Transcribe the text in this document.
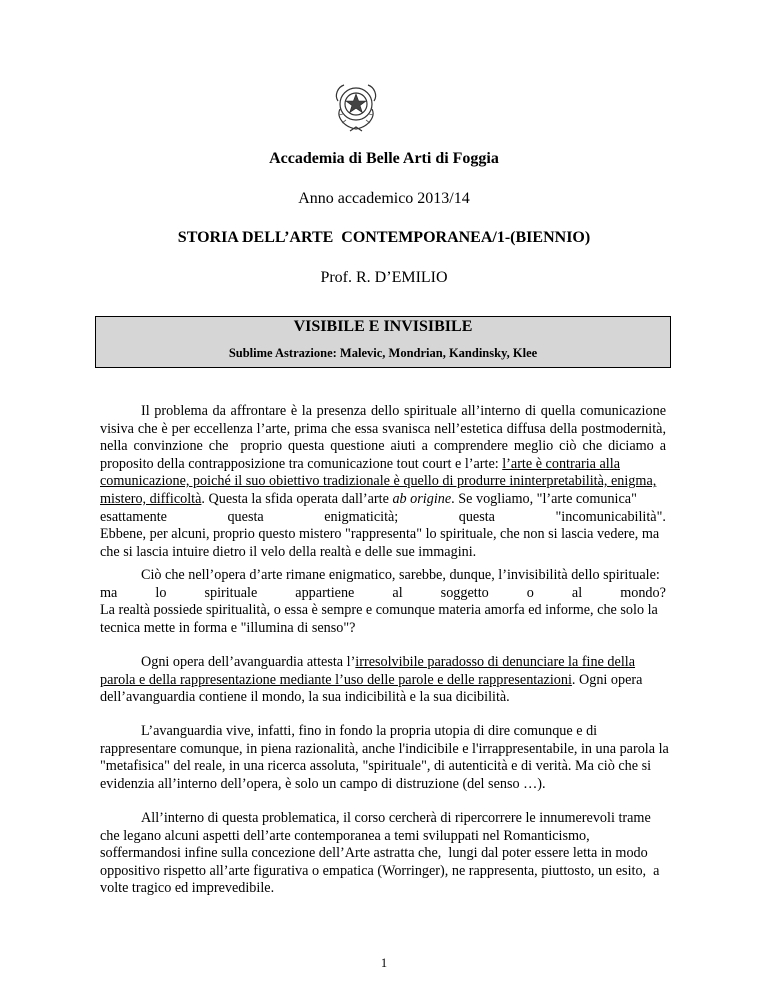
Accademia di Belle Arti di Foggia
Anno accademico 2013/14
STORIA DELL’ARTE  CONTEMPORANEA/1-(BIENNIO)
Prof. R. D’EMILIO
VISIBILE E INVISIBILE
Sublime Astrazione: Malevic, Mondrian, Kandinsky, Klee
Il problema da affrontare è la presenza dello spirituale all’interno di quella comunicazione
visiva che è per eccellenza l’arte, prima che essa svanisca nell’estetica diffusa della postmodernità,
nella convinzione che  proprio questa questione aiuti a comprendere meglio ciò che diciamo a
proposito della contrapposizione tra comunicazione tout court e l’arte: l’arte è contraria alla
comunicazione, poiché il suo obiettivo tradizionale è quello di produrre ininterpretabilità, enigma,
mistero, difficoltà. Questa la sfida operata dall’arte ab origine. Se vogliamo, "l’arte comunica"
esattamente	questa	enigmaticità;	questa	"incomunicabilità".
Ebbene, per alcuni, proprio questo mistero "rappresenta" lo spirituale, che non si lascia vedere, ma
che si lascia intuire dietro il velo della realtà e delle sue immagini.
Ciò che nell’opera d’arte rimane enigmatico, sarebbe, dunque, l’invisibilità dello spirituale:
ma	lo	spirituale	appartiene	al	soggetto	o	al	mondo?
La realtà possiede spiritualità, o essa è sempre e comunque materia amorfa ed informe, che solo la
tecnica mette in forma e "illumina di senso"?
Ogni opera dell’avanguardia attesta l’irresolvibile paradosso di denunciare la fine della
parola e della rappresentazione mediante l’uso delle parole e delle rappresentazioni. Ogni opera
dell’avanguardia contiene il mondo, la sua indicibilità e la sua dicibilità.
L’avanguardia vive, infatti, fino in fondo la propria utopia di dire comunque e di
rappresentare comunque, in piena razionalità, anche l'indicibile e l'irrappresentabile, in una parola la
"metafisica" del reale, in una ricerca assoluta, "spirituale", di autenticità e di verità. Ma ciò che si
evidenzia all’interno dell’opera, è solo un campo di distruzione (del senso …).
All’interno di questa problematica, il corso cercherà di ripercorrere le innumerevoli trame
che legano alcuni aspetti dell’arte contemporanea a temi sviluppati nel Romanticismo,
soffermandosi infine sulla concezione dell’Arte astratta che,  lungi dal poter essere letta in modo
oppositivo rispetto all’arte figurativa o empatica (Worringer), ne rappresenta, piuttosto, un esito,  a
volte tragico ed imprevedibile.
1
